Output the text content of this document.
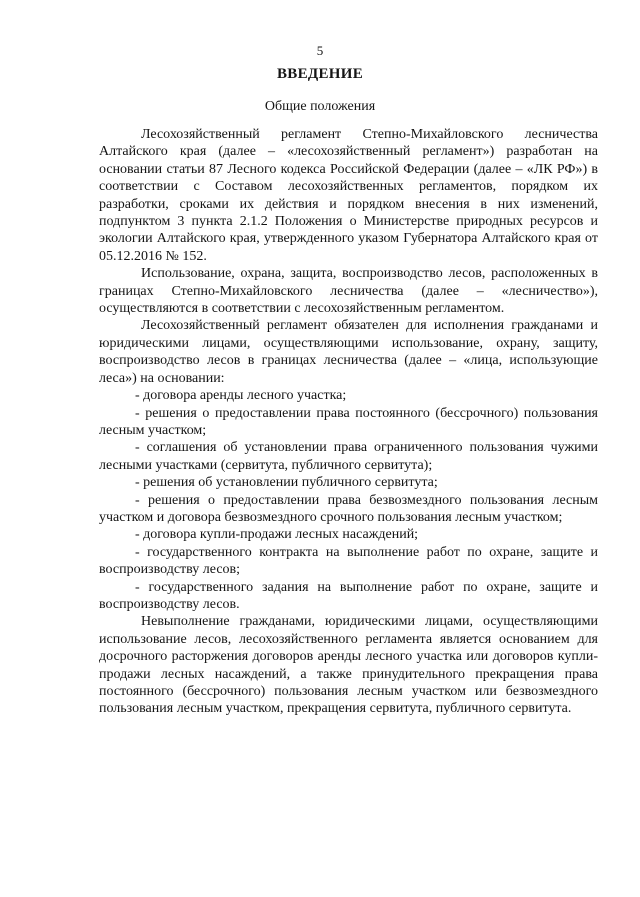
5
ВВЕДЕНИЕ
Общие положения

Лесохозяйственный регламент Степно-Михайловского лесничества Алтайского края (далее – «лесохозяйственный регламент») разработан на основании статьи 87 Лесного кодекса Российской Федерации (далее – «ЛК РФ») в соответствии с Составом лесохозяйственных регламентов, порядком их разработки, сроками их действия и порядком внесения в них изменений, подпунктом 3 пункта 2.1.2 Положения о Министерстве природных ресурсов и экологии Алтайского края, утвержденного указом Губернатора Алтайского края от 05.12.2016 № 152.

Использование, охрана, защита, воспроизводство лесов, расположенных в границах Степно-Михайловского лесничества (далее – «лесничество»), осуществляются в соответствии с лесохозяйственным регламентом.

Лесохозяйственный регламент обязателен для исполнения гражданами и юридическими лицами, осуществляющими использование, охрану, защиту, воспроизводство лесов в границах лесничества (далее – «лица, использующие леса») на основании:

- договора аренды лесного участка;

- решения о предоставлении права постоянного (бессрочного) пользования лесным участком;

- соглашения об установлении права ограниченного пользования чужими лесными участками (сервитута, публичного сервитута);

- решения об установлении публичного сервитута;

- решения о предоставлении права безвозмездного пользования лесным участком и договора безвозмездного срочного пользования лесным участком;

- договора купли-продажи лесных насаждений;

- государственного контракта на выполнение работ по охране, защите и воспроизводству лесов;

- государственного задания на выполнение работ по охране, защите и воспроизводству лесов.

Невыполнение гражданами, юридическими лицами, осуществляющими использование лесов, лесохозяйственного регламента является основанием для досрочного расторжения договоров аренды лесного участка или договоров купли-продажи лесных насаждений, а также принудительного прекращения права постоянного (бессрочного) пользования лесным участком или безвозмездного пользования лесным участком, прекращения сервитута, публичного сервитута.
